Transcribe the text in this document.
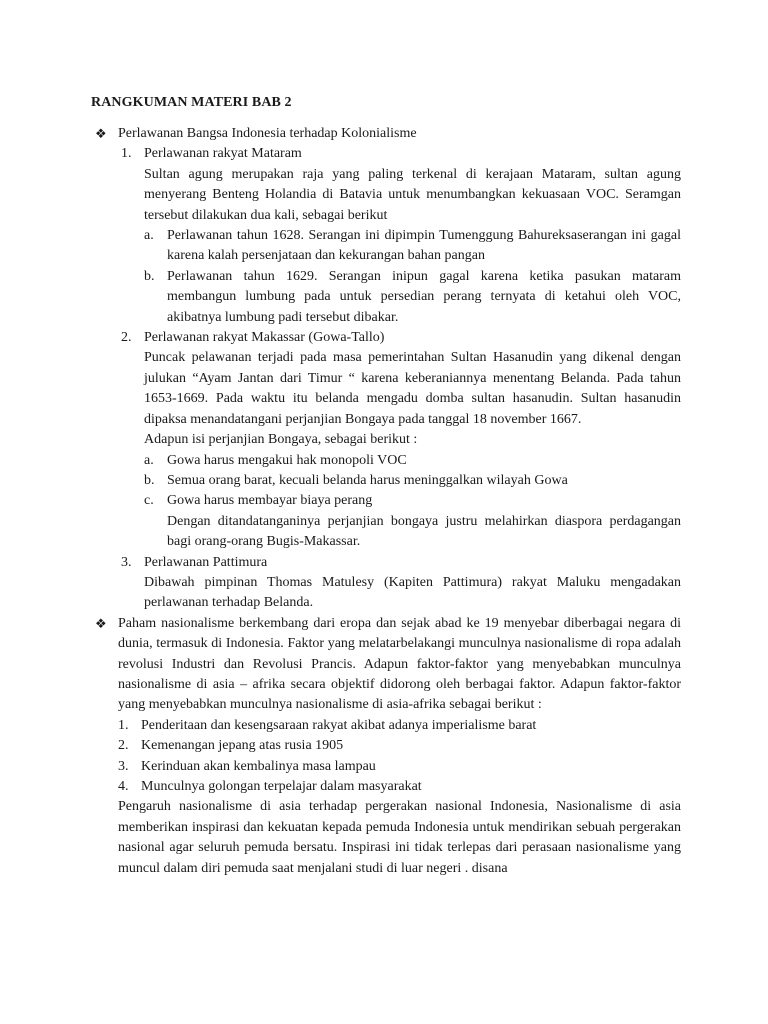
RANGKUMAN MATERI BAB 2
❖ Perlawanan Bangsa Indonesia terhadap Kolonialisme
1. Perlawanan rakyat Mataram
Sultan agung merupakan raja yang paling terkenal di kerajaan Mataram, sultan agung menyerang Benteng Holandia di Batavia untuk menumbangkan kekuasaan VOC. Seramgan tersebut dilakukan dua kali, sebagai berikut
a. Perlawanan tahun 1628. Serangan ini dipimpin Tumenggung Bahureksaserangan ini gagal karena kalah persenjataan dan kekurangan bahan pangan
b. Perlawanan tahun 1629. Serangan inipun gagal karena ketika pasukan mataram membangun lumbung pada untuk persedian perang ternyata di ketahui oleh VOC, akibatnya lumbung padi tersebut dibakar.
2. Perlawanan rakyat Makassar (Gowa-Tallo)
Puncak pelawanan terjadi pada masa pemerintahan Sultan Hasanudin yang dikenal dengan julukan “Ayam Jantan dari Timur “ karena keberaniannya menentang Belanda. Pada tahun 1653-1669. Pada waktu itu belanda mengadu domba sultan hasanudin. Sultan hasanudin dipaksa menandatangani perjanjian Bongaya pada tanggal 18 november 1667.
Adapun isi perjanjian Bongaya, sebagai berikut :
a. Gowa harus mengakui hak monopoli VOC
b. Semua orang barat, kecuali belanda harus meninggalkan wilayah Gowa
c. Gowa harus membayar biaya perang
Dengan ditandatanganinya perjanjian bongaya justru melahirkan diaspora perdagangan bagi orang-orang Bugis-Makassar.
3. Perlawanan Pattimura
Dibawah pimpinan Thomas Matulesy (Kapiten Pattimura) rakyat Maluku mengadakan perlawanan terhadap Belanda.
❖ Paham nasionalisme berkembang dari eropa dan sejak abad ke 19 menyebar diberbagai negara di dunia, termasuk di Indonesia. Faktor yang melatarbelakangi munculnya nasionalisme di ropa adalah revolusi Industri dan Revolusi Prancis. Adapun faktor-faktor yang menyebabkan munculnya nasionalisme di asia – afrika secara objektif didorong oleh berbagai faktor. Adapun faktor-faktor yang menyebabkan munculnya nasionalisme di asia-afrika sebagai berikut :
1. Penderitaan dan kesengsaraan rakyat akibat adanya imperialisme barat
2. Kemenangan jepang atas rusia 1905
3. Kerinduan akan kembalinya masa lampau
4. Munculnya golongan terpelajar dalam masyarakat
Pengaruh nasionalisme di asia terhadap pergerakan nasional Indonesia, Nasionalisme di asia memberikan inspirasi dan kekuatan kepada pemuda Indonesia untuk mendirikan sebuah pergerakan nasional agar seluruh pemuda bersatu. Inspirasi ini tidak terlepas dari perasaan nasionalisme yang muncul dalam diri pemuda saat menjalani studi di luar negeri . disana
